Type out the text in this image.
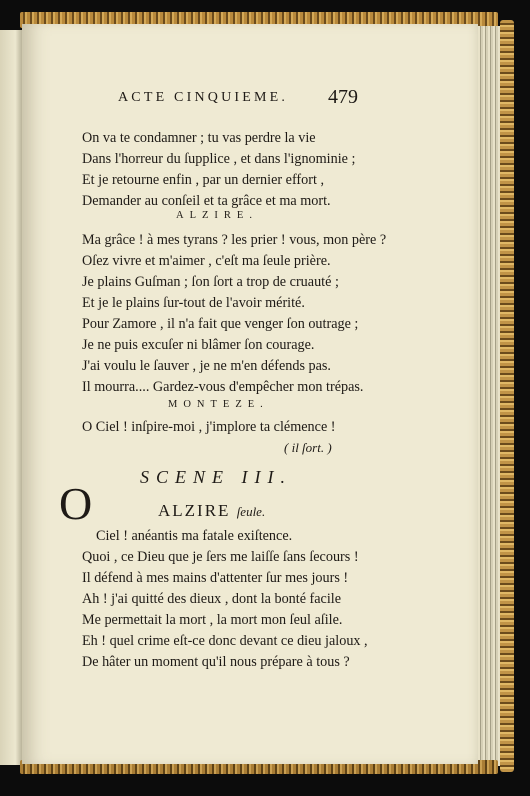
ACTE CINQUIEME. 479
On va te condamner ; tu vas perdre la vie
Dans l'horreur du ſupplice , et dans l'ignominie ;
Et je retourne enfin , par un dernier effort ,
Demander au conſeil et ta grâce et ma mort.
ALZIRE.
Ma grâce ! à mes tyrans ? les prier ! vous, mon père ?
Oſez vivre et m'aimer , c'eſt ma ſeule prière.
Je plains Guſman ; ſon ſort a trop de cruauté ;
Et je le plains ſur-tout de l'avoir mérité.
Pour Zamore , il n'a fait que venger ſon outrage ;
Je ne puis excuſer ni blâmer ſon courage.
J'ai voulu le ſauver , je ne m'en défends pas.
Il mourra.... Gardez-vous d'empêcher mon trépas.
MONTEZE.
O Ciel ! inſpire-moi , j'implore ta clémence !
( il ſort. )
SCENE III.
ALZIRE ſeule.
O
Ciel ! anéantis ma fatale exiſtence.
Quoi , ce Dieu que je ſers me laiſſe ſans ſecours !
Il défend à mes mains d'attenter ſur mes jours !
Ah ! j'ai quitté des dieux , dont la bonté facile
Me permettait la mort , la mort mon ſeul aſile.
Eh ! quel crime eſt-ce donc devant ce dieu jaloux ,
De hâter un moment qu'il nous prépare à tous ?
